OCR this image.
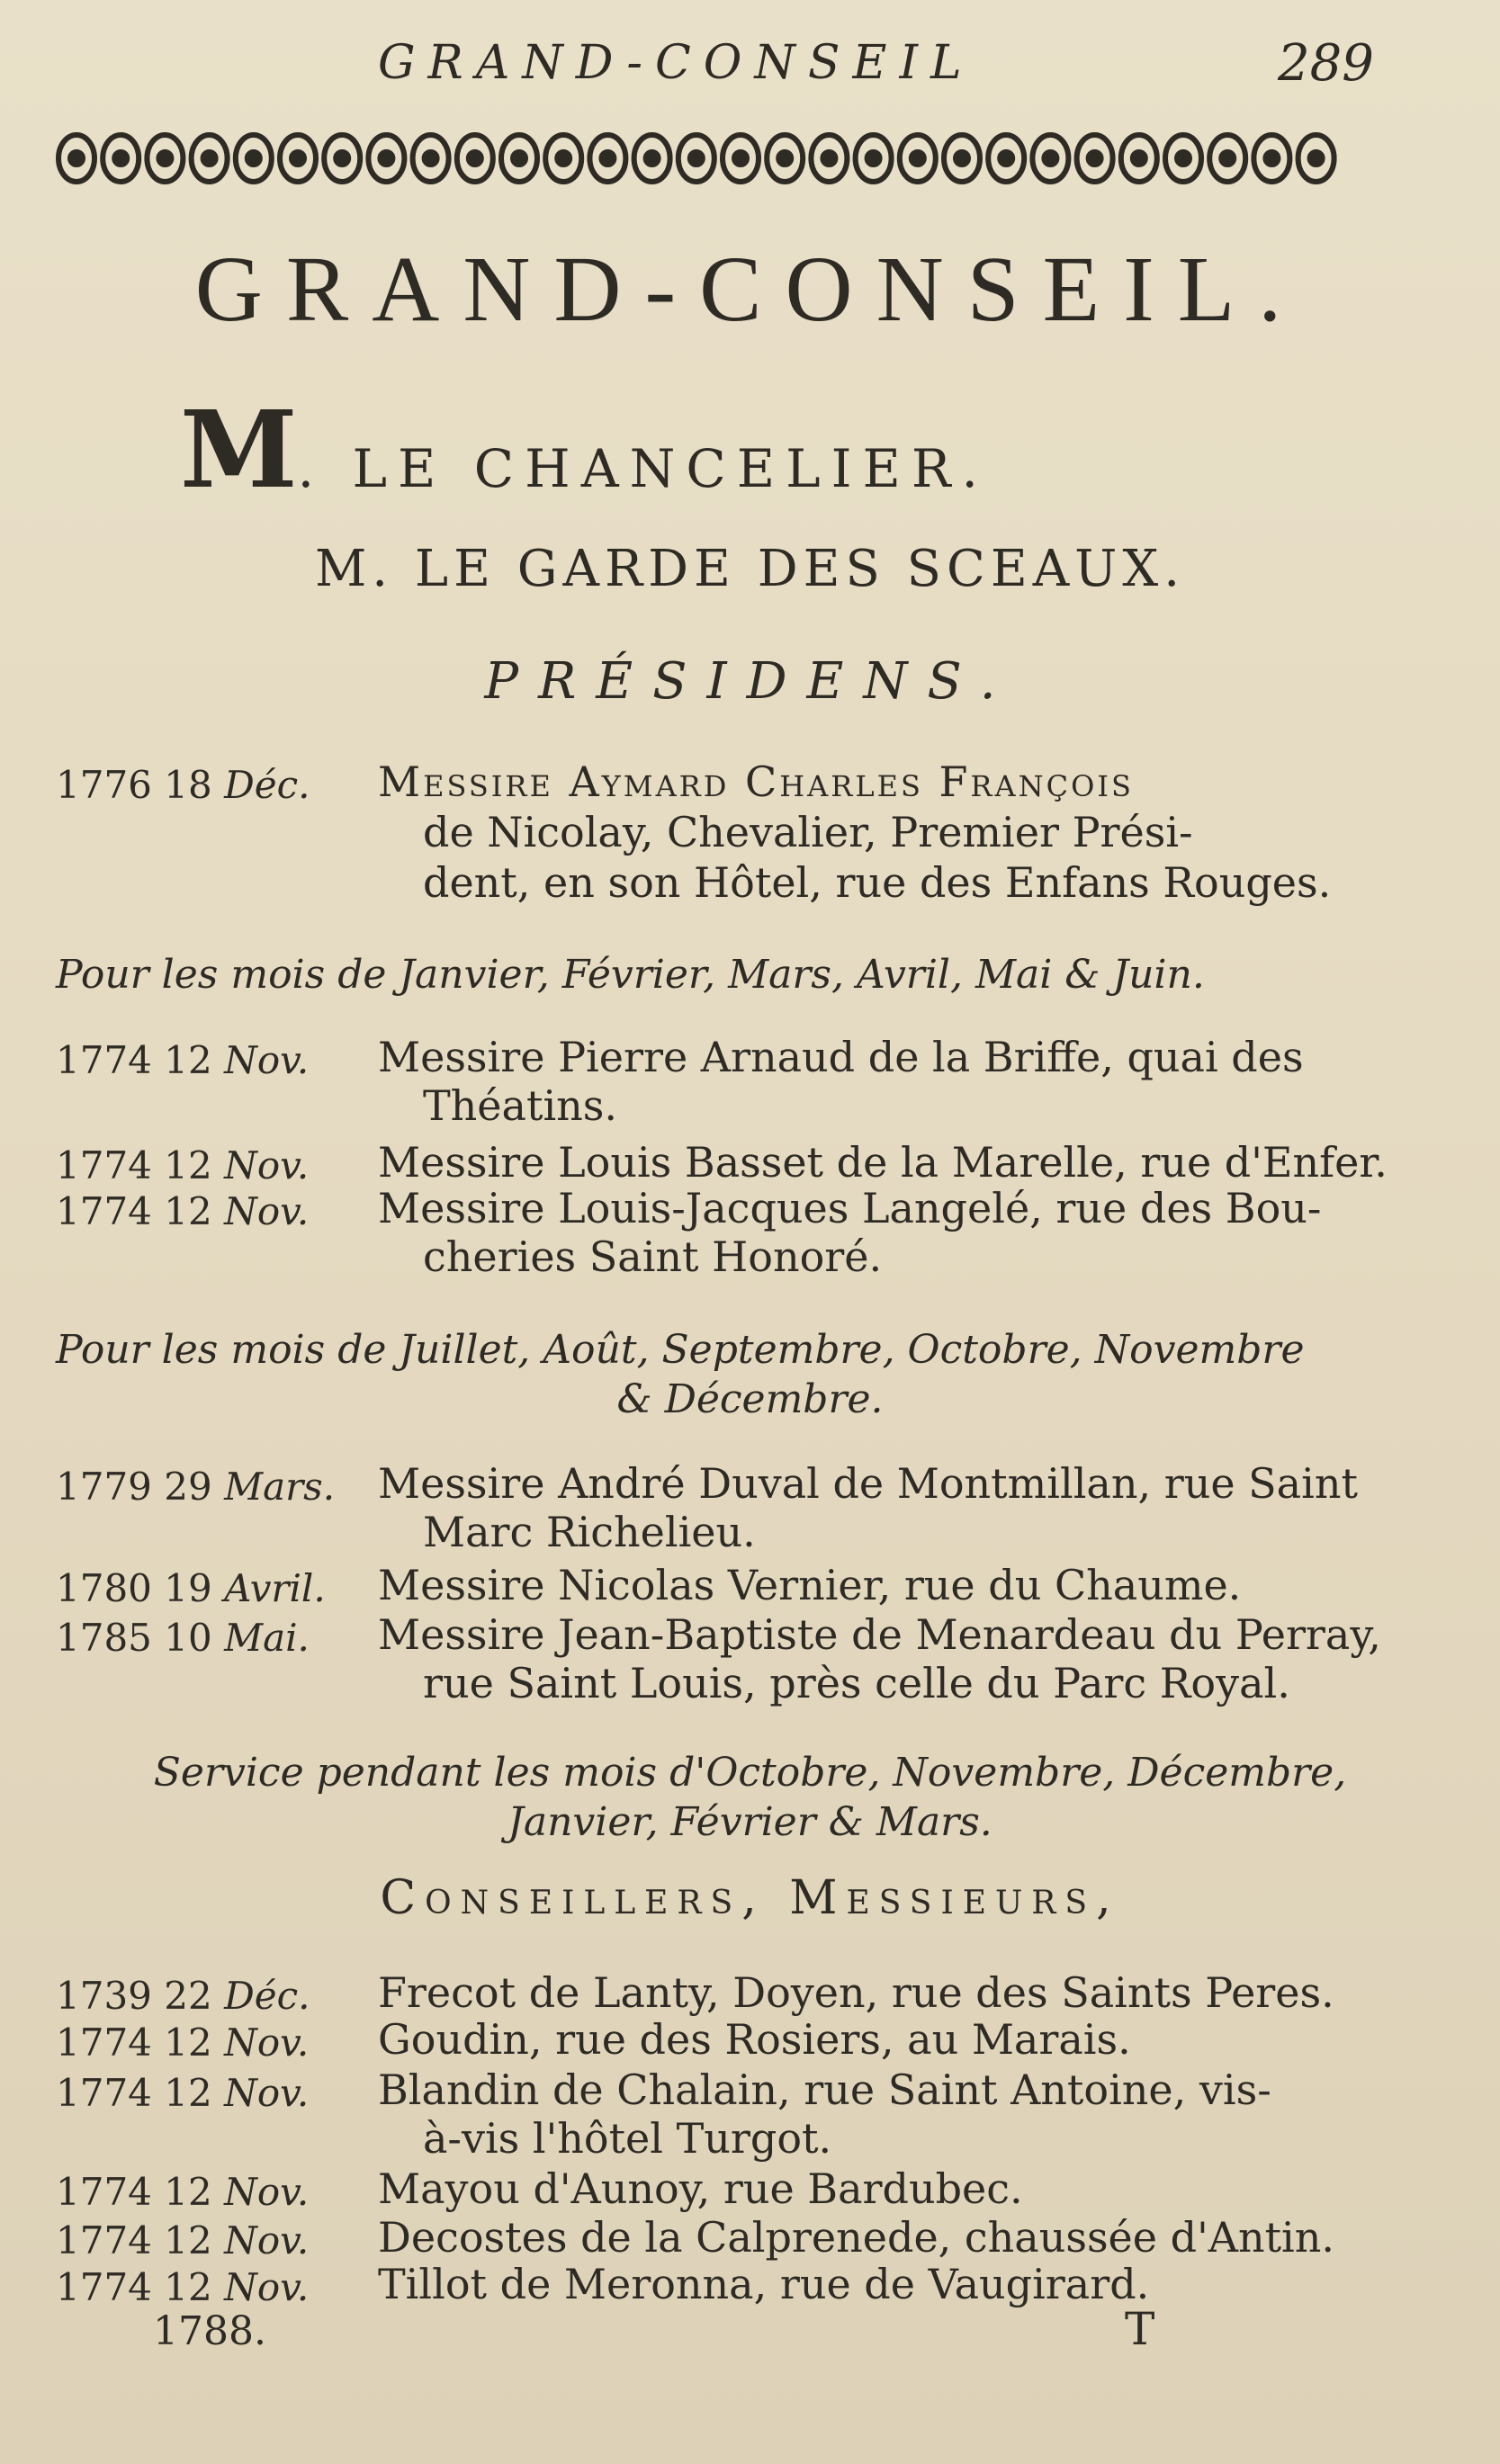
GRAND-CONSEIL	289
GRAND-CONSEIL.
M. LE CHANCELIER.
M. LE GARDE DES SCEAUX.
PRÉSIDENS.
1776 18 Déc. Messire Aymard Charles François
de Nicolay, Chevalier, Premier Prési-
dent, en son Hôtel, rue des Enfans Rouges.
Pour les mois de Janvier, Février, Mars, Avril, Mai & Juin.
1774 12 Nov. Messire Pierre Arnaud de la Briffe, quai des
Théatins.
1774 12 Nov. Messire Louis Basset de la Marelle, rue d'Enfer.
1774 12 Nov. Messire Louis-Jacques Langelé, rue des Bou-
cheries Saint Honoré.
Pour les mois de Juillet, Août, Septembre, Octobre, Novembre
& Décembre.
1779 29 Mars. Messire André Duval de Montmillan, rue Saint
Marc Richelieu.
1780 19 Avril. Messire Nicolas Vernier, rue du Chaume.
1785 10 Mai. Messire Jean-Baptiste de Menardeau du Perray,
rue Saint Louis, près celle du Parc Royal.
Service pendant les mois d'Octobre, Novembre, Décembre,
Janvier, Février & Mars.
Conseillers, Messieurs,
1739 22 Déc. Frecot de Lanty, Doyen, rue des Saints Peres.
1774 12 Nov. Goudin, rue des Rosiers, au Marais.
1774 12 Nov. Blandin de Chalain, rue Saint Antoine, vis-
à-vis l'hôtel Turgot.
1774 12 Nov. Mayou d'Aunoy, rue Bardubec.
1774 12 Nov. Decostes de la Calprenede, chaussée d'Antin.
1774 12 Nov. Tillot de Meronna, rue de Vaugirard.
1788.	T
